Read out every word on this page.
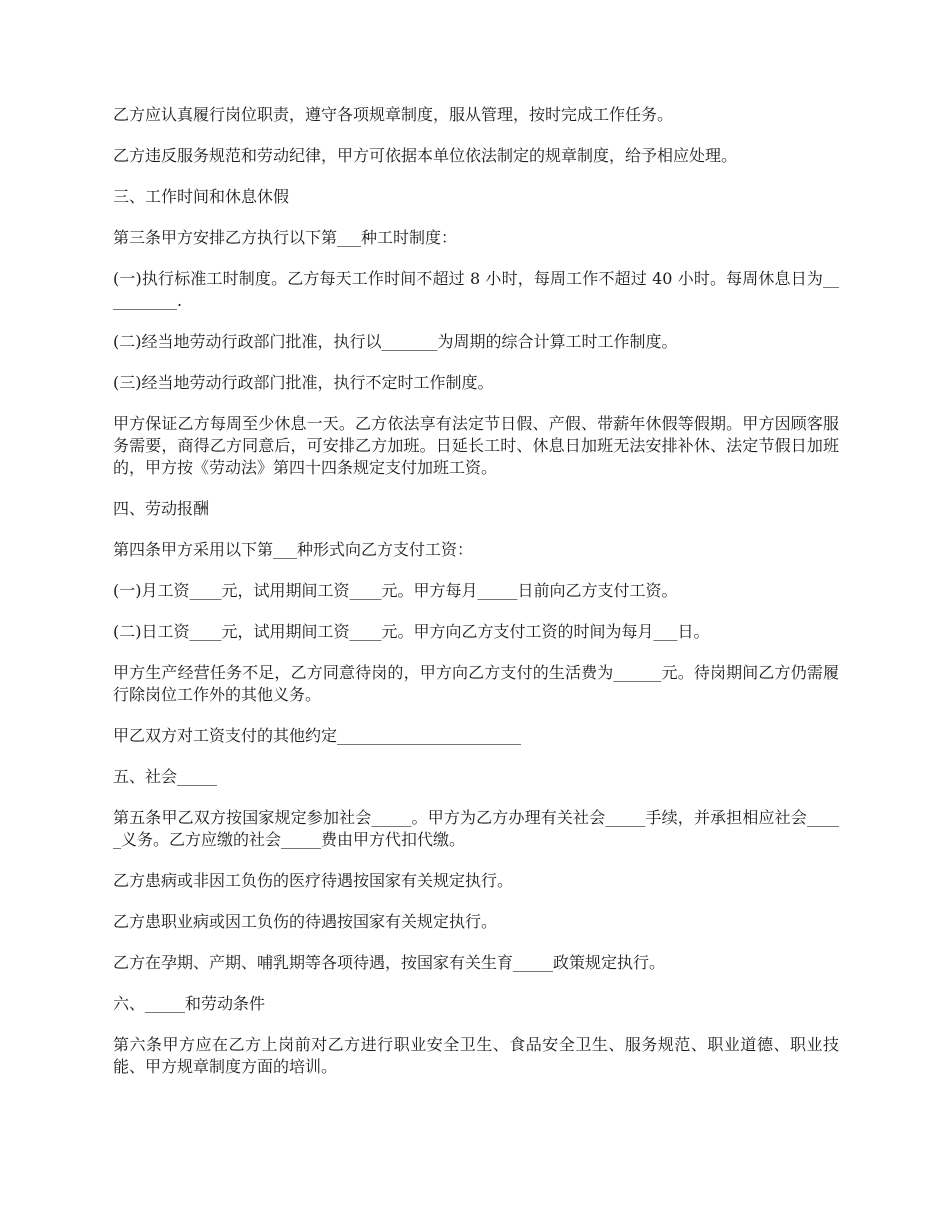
乙方应认真履行岗位职责，遵守各项规章制度，服从管理，按时完成工作任务。

乙方违反服务规范和劳动纪律，甲方可依据本单位依法制定的规章制度，给予相应处理。

三、工作时间和休息休假

第三条甲方安排乙方执行以下第___种工时制度：

(一)执行标准工时制度。乙方每天工作时间不超过 8 小时，每周工作不超过 40 小时。每周休息日为__________.

(二)经当地劳动行政部门批准，执行以_______为周期的综合计算工时工作制度。

(三)经当地劳动行政部门批准，执行不定时工作制度。

甲方保证乙方每周至少休息一天。乙方依法享有法定节日假、产假、带薪年休假等假期。甲方因顾客服务需要，商得乙方同意后，可安排乙方加班。日延长工时、休息日加班无法安排补休、法定节假日加班的，甲方按《劳动法》第四十四条规定支付加班工资。

四、劳动报酬

第四条甲方采用以下第___种形式向乙方支付工资：

(一)月工资____元，试用期间工资____元。甲方每月_____日前向乙方支付工资。

(二)日工资____元，试用期间工资____元。甲方向乙方支付工资的时间为每月___日。

甲方生产经营任务不足，乙方同意待岗的，甲方向乙方支付的生活费为______元。待岗期间乙方仍需履行除岗位工作外的其他义务。

甲乙双方对工资支付的其他约定_______________________

五、社会_____

第五条甲乙双方按国家规定参加社会_____。甲方为乙方办理有关社会_____手续，并承担相应社会_____义务。乙方应缴的社会_____费由甲方代扣代缴。

乙方患病或非因工负伤的医疗待遇按国家有关规定执行。

乙方患职业病或因工负伤的待遇按国家有关规定执行。

乙方在孕期、产期、哺乳期等各项待遇，按国家有关生育_____政策规定执行。

六、_____和劳动条件

第六条甲方应在乙方上岗前对乙方进行职业安全卫生、食品安全卫生、服务规范、职业道德、职业技能、甲方规章制度方面的培训。
